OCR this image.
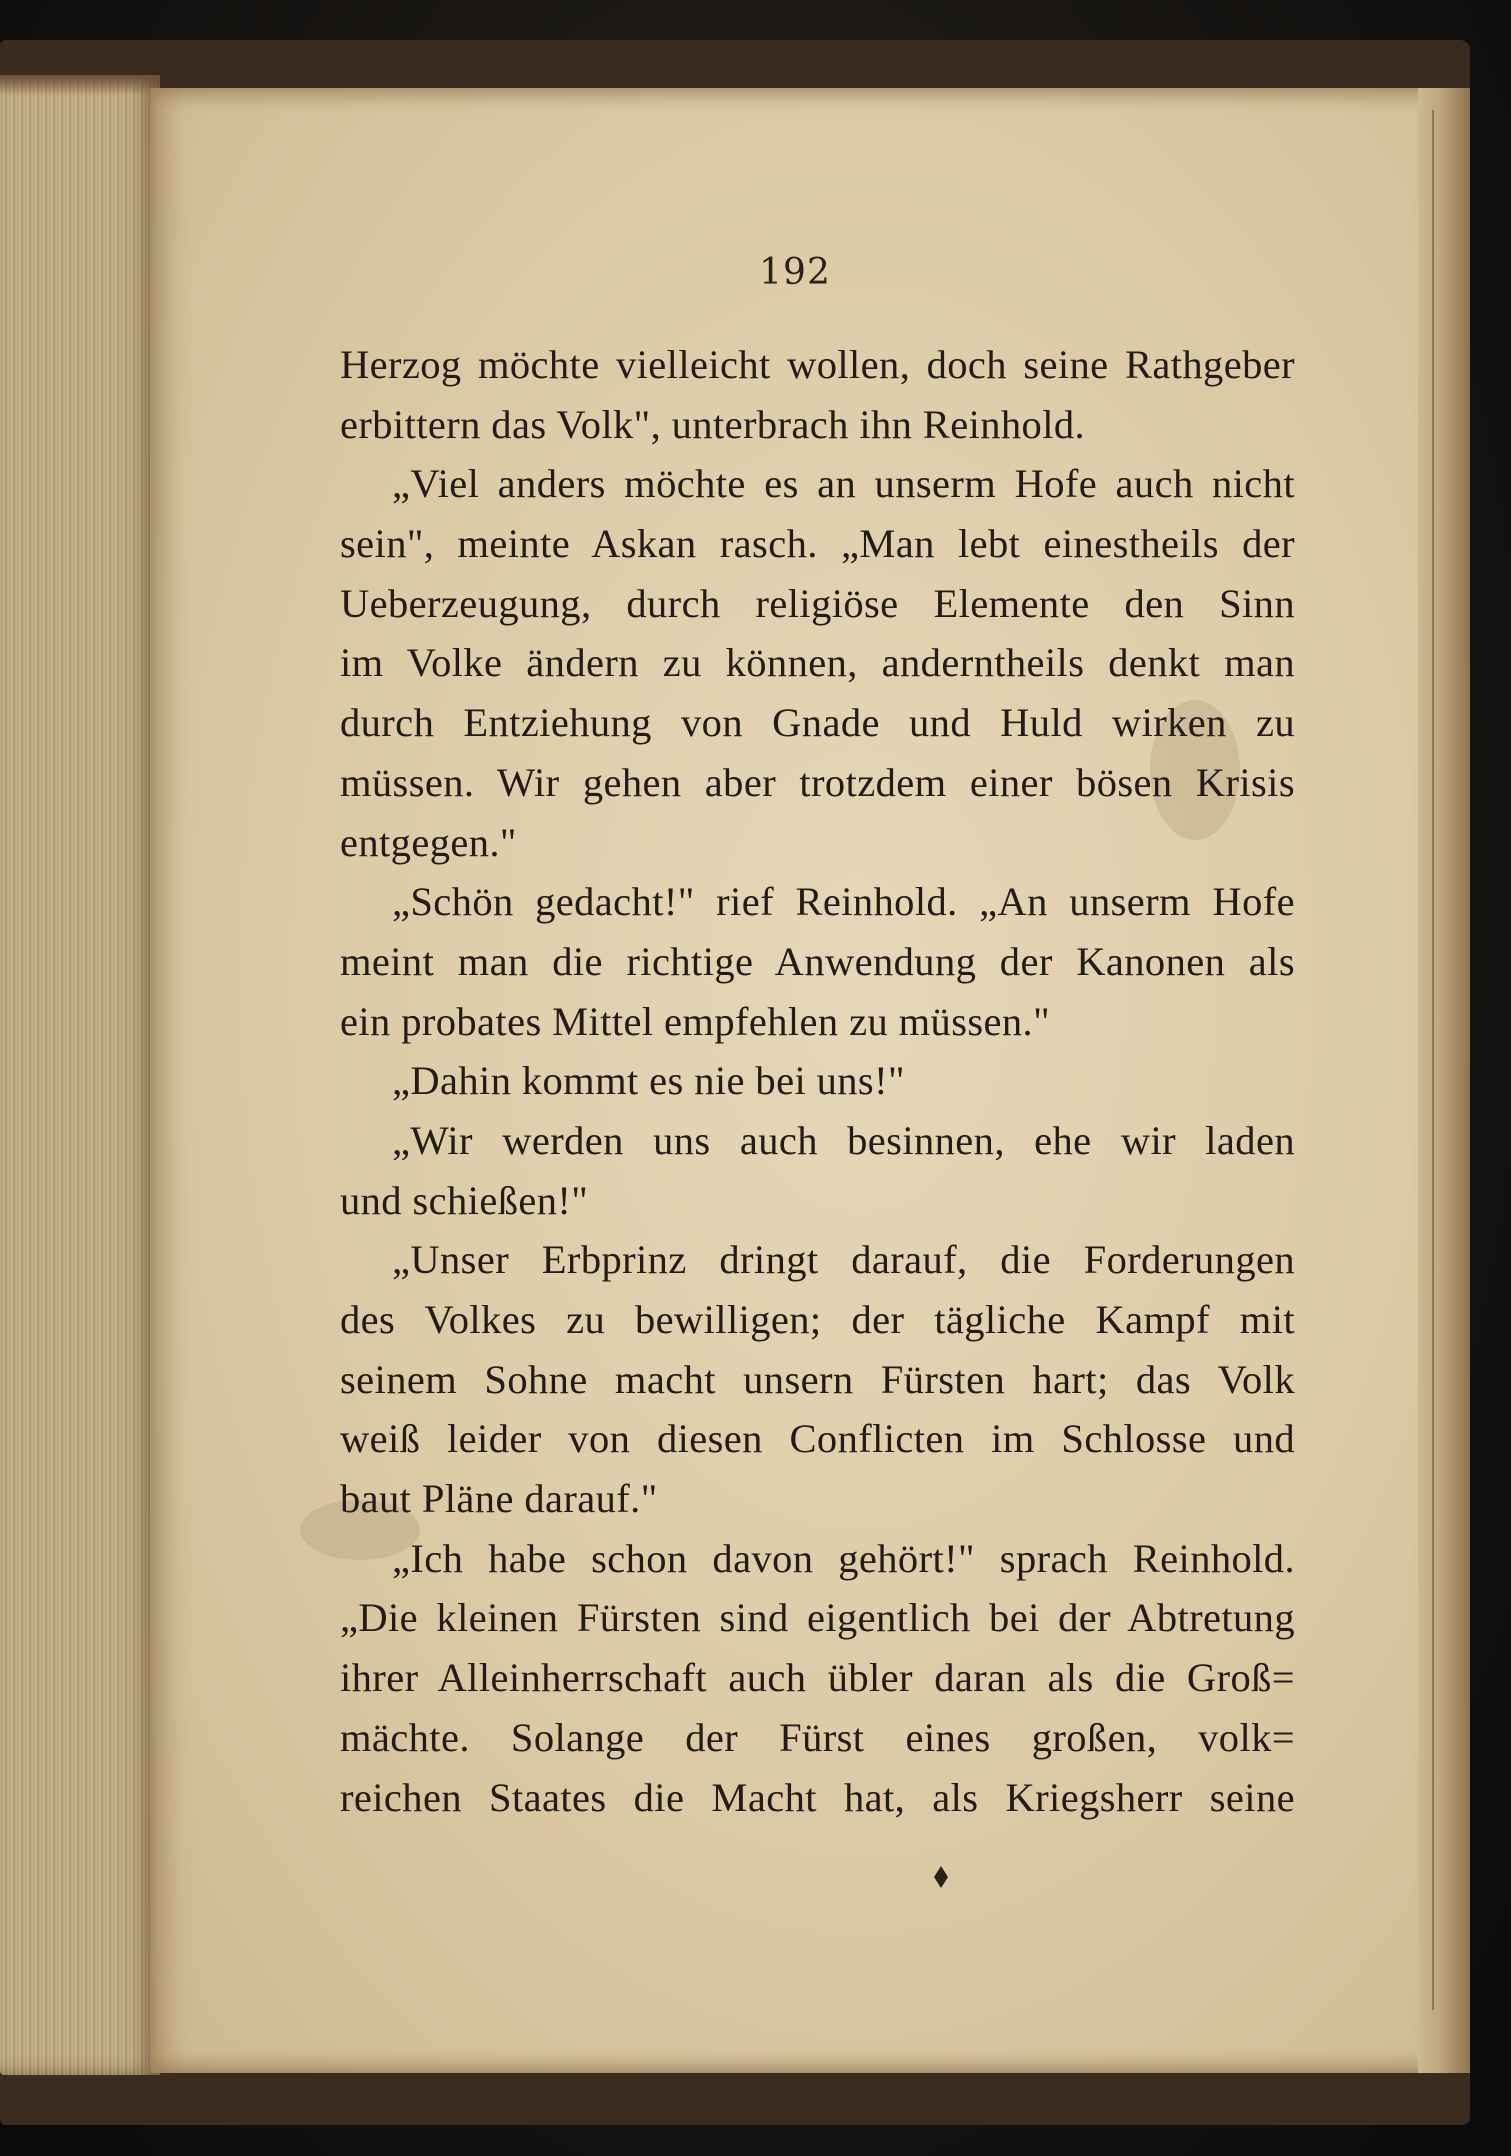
192
Herzog möchte vielleicht wollen, doch seine Rathgeber
erbittern das Volk", unterbrach ihn Reinhold.
„Viel anders möchte es an unserm Hofe auch nicht
sein", meinte Askan rasch. „Man lebt einestheils der
Ueberzeugung, durch religiöse Elemente den Sinn
im Volke ändern zu können, anderntheils denkt man
durch Entziehung von Gnade und Huld wirken zu
müssen. Wir gehen aber trotzdem einer bösen Krisis
entgegen."
„Schön gedacht!" rief Reinhold. „An unserm Hofe
meint man die richtige Anwendung der Kanonen als
ein probates Mittel empfehlen zu müssen."
„Dahin kommt es nie bei uns!"
„Wir werden uns auch besinnen, ehe wir laden
und schießen!"
„Unser Erbprinz dringt darauf, die Forderungen
des Volkes zu bewilligen; der tägliche Kampf mit
seinem Sohne macht unsern Fürsten hart; das Volk
weiß leider von diesen Conflicten im Schlosse und
baut Pläne darauf."
„Ich habe schon davon gehört!" sprach Reinhold.
„Die kleinen Fürsten sind eigentlich bei der Abtretung
ihrer Alleinherrschaft auch übler daran als die Groß=
mächte. Solange der Fürst eines großen, volk=
reichen Staates die Macht hat, als Kriegsherr seine
